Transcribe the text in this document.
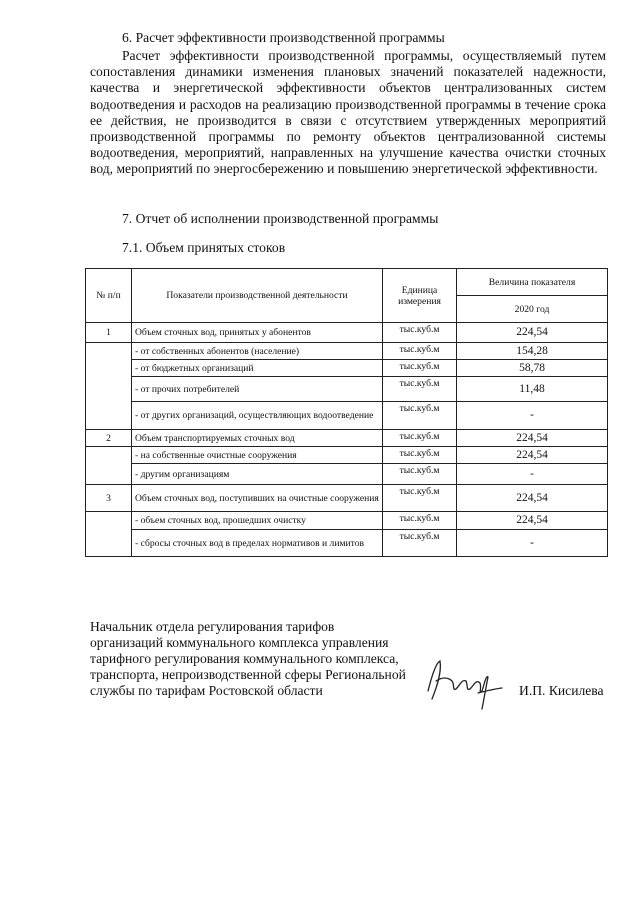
6. Расчет эффективности производственной программы

Расчет эффективности производственной программы, осуществляемый путем сопоставления динамики изменения плановых значений показателей надежности, качества и энергетической эффективности объектов централизованных систем водоотведения и расходов на реализацию производственной программы в течение срока ее действия, не производится в связи с отсутствием утвержденных мероприятий производственной программы по ремонту объектов централизованной системы водоотведения, мероприятий, направленных на улучшение качества очистки сточных вод, мероприятий по энергосбережению и повышению энергетической эффективности.

7. Отчет об исполнении производственной программы
7.1. Объем принятых стоков
№ п/п	Показатели производственной деятельности	Единица измерения	Величина показателя
			2020 год
1	Объем сточных вод, принятых у абонентов	тыс.куб.м	224,54
	- от собственных абонентов (население)	тыс.куб.м	154,28
	- от бюджетных организаций	тыс.куб.м	58,78
	- от прочих потребителей	тыс.куб.м	11,48
	- от других организаций, осуществляющих водоотведение	тыс.куб.м	-
2	Объем транспортируемых сточных вод	тыс.куб.м	224,54
	- на собственные очистные сооружения	тыс.куб.м	224,54
	- другим организациям	тыс.куб.м	-
3	Объем сточных вод, поступивших на очистные сооружения	тыс.куб.м	224,54
	- объем сточных вод, прошедших очистку	тыс.куб.м	224,54
	- сбросы сточных вод в пределах нормативов и лимитов	тыс.куб.м	-
Начальник отдела регулирования тарифов организаций коммунального комплекса управления тарифного регулирования коммунального комплекса, транспорта, непроизводственной сферы Региональной службы по тарифам Ростовской области	И.П. Кисилева
